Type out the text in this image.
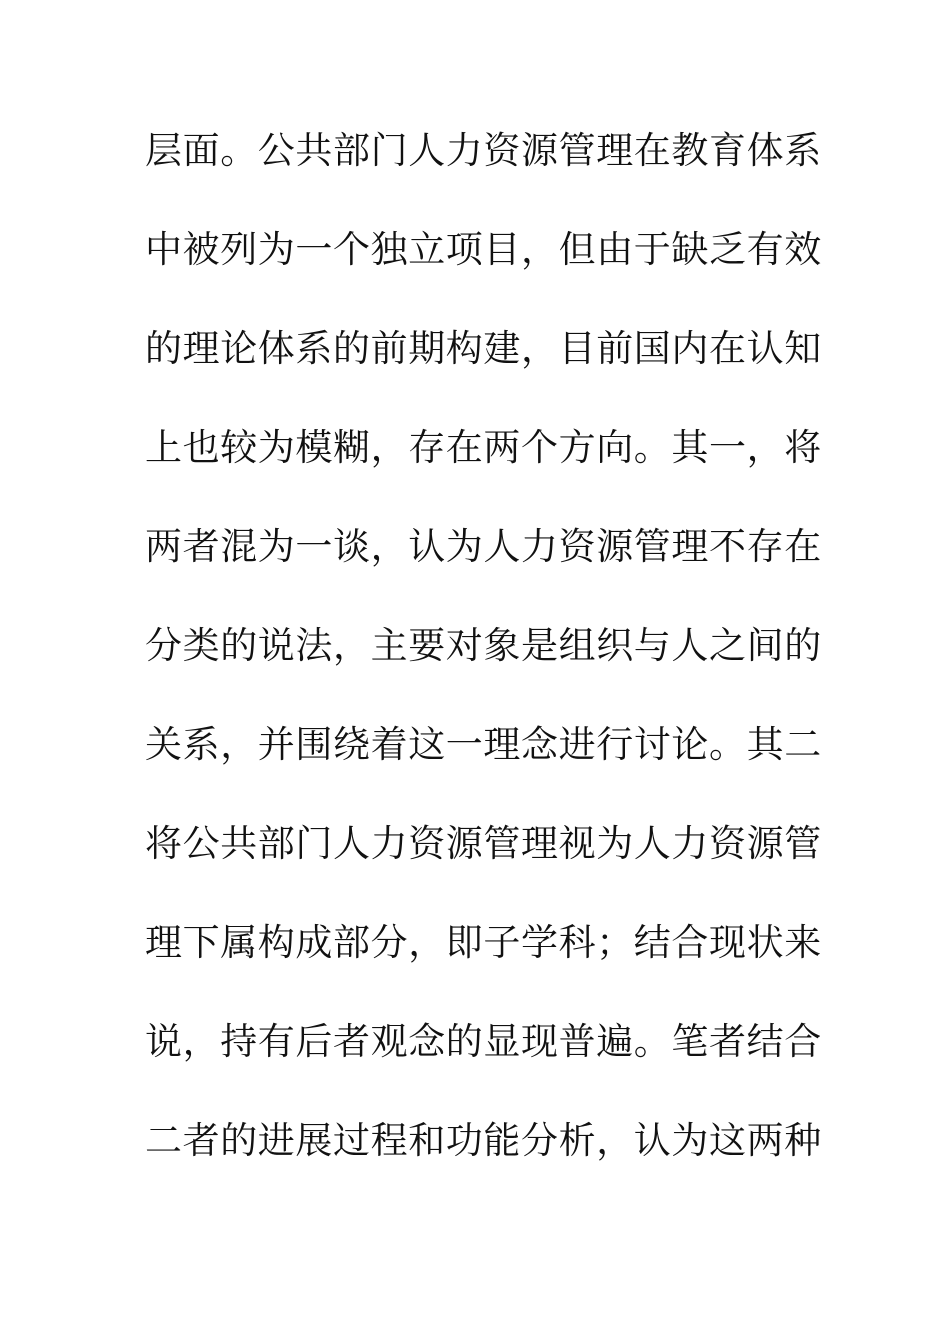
层面。公共部门人力资源管理在教育体系
中被列为一个独立项目，但由于缺乏有效
的理论体系的前期构建，目前国内在认知
上也较为模糊，存在两个方向。其一，将
两者混为一谈，认为人力资源管理不存在
分类的说法，主要对象是组织与人之间的
关系，并围绕着这一理念进行讨论。其二
将公共部门人力资源管理视为人力资源管
理下属构成部分，即子学科；结合现状来
说，持有后者观念的显现普遍。笔者结合
二者的进展过程和功能分析，认为这两种
